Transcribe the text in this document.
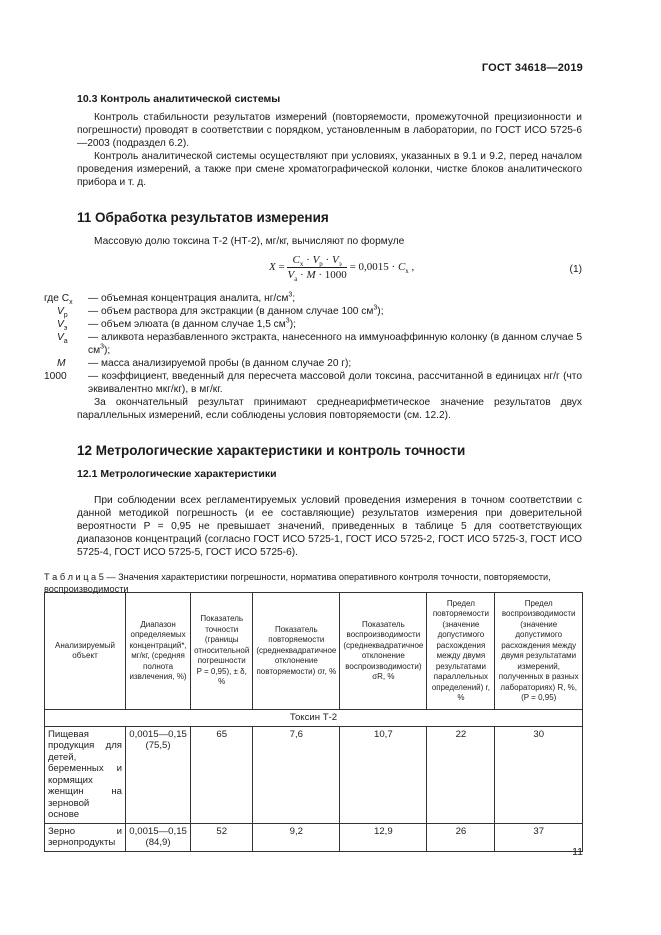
ГОСТ 34618—2019
10.3 Контроль аналитической системы

Контроль стабильности результатов измерений (повторяемости, промежуточной прецизионности и погрешности) проводят в соответствии с порядком, установленным в лаборатории, по ГОСТ ИСО 5725-6—2003 (подраздел 6.2).

Контроль аналитической системы осуществляют при условиях, указанных в 9.1 и 9.2, перед началом проведения измерений, а также при смене хроматографической колонки, чистке блоков аналитического прибора и т. д.

11 Обработка результатов измерения

Массовую долю токсина Т-2 (НТ-2), мг/кг, вычисляют по формуле

$X = \frac{C_x \cdot V_p \cdot V_э}{V_a \cdot M \cdot 1000} = 0,0015 \cdot C_x$ ,	(1)
где $C_x$	— объемная концентрация аналита, $нг/см^3$;
$V_p$	— объем раствора для экстракции (в данном случае 100 $см^3$);
$V_э$	— объем элюата (в данном случае 1,5 $см^3$);
$V_a$	— аликвота неразбавленного экстракта, нанесенного на иммуноаффинную колонку (в данном случае 5 $см^3$);
M	— масса анализируемой пробы (в данном случае 20 г);
1000	— коэффициент, введенный для пересчета массовой доли токсина, рассчитанной в единицах нг/г (что эквивалентно мкг/кг), в мг/кг.

За окончательный результат принимают среднеарифметическое значение результатов двух параллельных измерений, если соблюдены условия повторяемости (см. 12.2).

12 Метрологические характеристики и контроль точности
12.1 Метрологические характеристики

При соблюдении всех регламентируемых условий проведения измерения в точном соответствии с данной методикой погрешность (и ее составляющие) результатов измерения при доверительной вероятности P = 0,95 не превышает значений, приведенных в таблице 5 для соответствующих диапазонов концентраций (согласно ГОСТ ИСО 5725-1, ГОСТ ИСО 5725-2, ГОСТ ИСО 5725-3, ГОСТ ИСО 5725-4, ГОСТ ИСО 5725-5, ГОСТ ИСО 5725-6).

Т а б л и ц а 5 — Значения характеристики погрешности, норматива оперативного контроля точности, повторяемости, воспроизводимости
Анализируемый объект	Диапазон определяемых концентраций*, мг/кг, (средняя полнота извлечения, %)	Показатель точности (границы относительной погрешности P = 0,95), ± δ, %	Показатель повторяемости (среднеквадратичное отклонение повторяемости) σr, %	Показатель воспроизводимости (среднеквадратичное отклонение воспроизводимости) σR, %	Предел повторяемости (значение допустимого расхождения между двумя результатами параллельных определений) r, %	Предел воспроизводимости (значение допустимого расхождения между двумя результатами измерений, полученных в разных лабораториях) R, %, (P = 0,95)
Токсин Т-2						
Пищевая продукция для детей, беременных и кормящих женщин на зерновой основе	0,0015—0,15 (75,5)	65	7,6	10,7	22	30
Зерно и зернопродукты	0,0015—0,15 (84,9)	52	9,2	12,9	26	37
11
